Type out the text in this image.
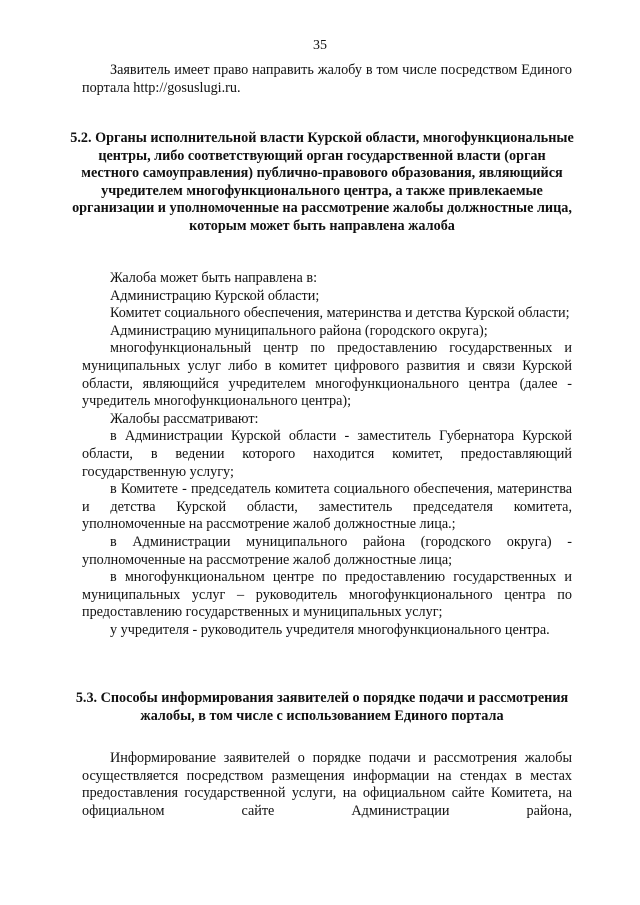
35

Заявитель имеет право направить жалобу в том числе посредством Единого портала http://gosuslugi.ru.

5.2. Органы исполнительной власти Курской области, многофункциональные центры, либо соответствующий орган государственной власти (орган местного самоуправления) публично-правового образования, являющийся учредителем многофункционального центра, а также привлекаемые организации и уполномоченные на рассмотрение жалобы должностные лица, которым может быть направлена жалоба

Жалоба может быть направлена в:

Администрацию Курской области;

Комитет социального обеспечения, материнства и детства Курской области;

Администрацию муниципального района (городского округа);

многофункциональный центр по предоставлению государственных и муниципальных услуг либо в комитет цифрового развития и связи Курской области, являющийся учредителем многофункционального центра (далее - учредитель многофункционального центра);

Жалобы рассматривают:

в Администрации Курской области - заместитель Губернатора Курской области, в ведении которого находится комитет, предоставляющий государственную услугу;

в Комитете - председатель комитета социального обеспечения, материнства и детства Курской области, заместитель председателя комитета, уполномоченные на рассмотрение жалоб должностные лица.;

в Администрации муниципального района (городского округа) - уполномоченные на рассмотрение жалоб должностные лица;

в многофункциональном центре по предоставлению государственных и муниципальных услуг – руководитель многофункционального центра по предоставлению государственных и муниципальных услуг;

у учредителя - руководитель учредителя многофункционального центра.

5.3. Способы информирования заявителей о порядке подачи и рассмотрения жалобы, в том числе с использованием Единого портала

Информирование заявителей о порядке подачи и рассмотрения жалобы осуществляется посредством размещения информации на стендах в местах предоставления государственной услуги, на официальном сайте Комитета, на официальном сайте Администрации района,
